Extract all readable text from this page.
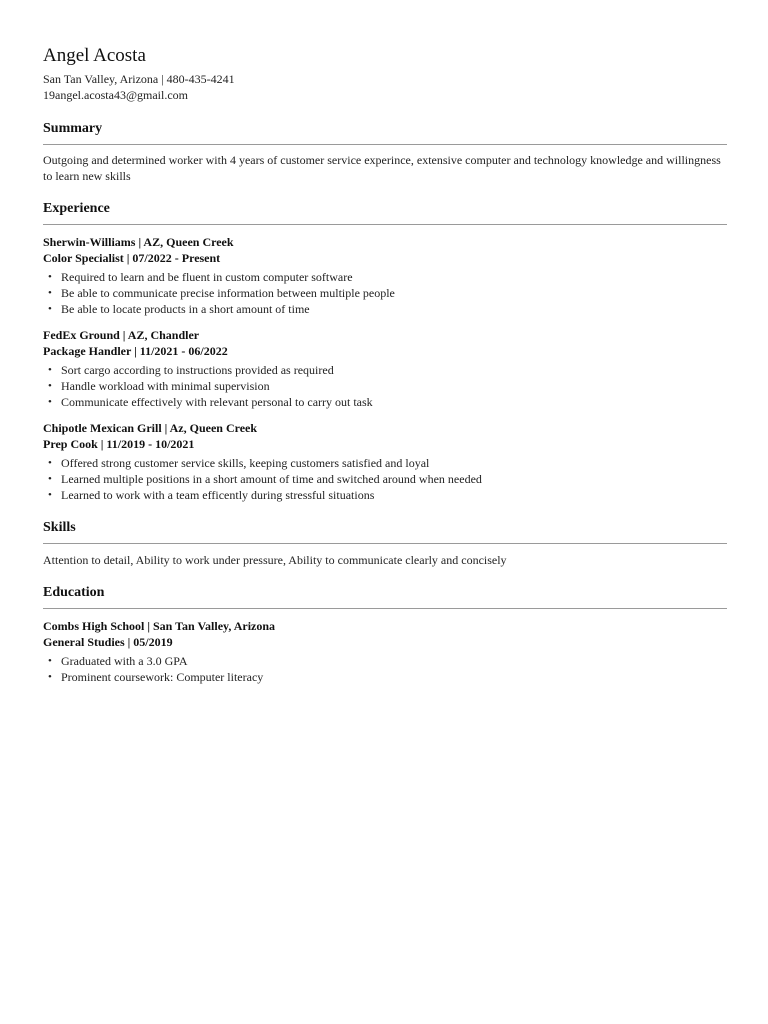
Angel Acosta
San Tan Valley, Arizona | 480-435-4241
19angel.acosta43@gmail.com
Summary

Outgoing and determined worker with 4 years of customer service experince, extensive computer and technology knowledge and willingness to learn new skills

Experience
Sherwin-Williams | AZ, Queen Creek
Color Specialist | 07/2022 - Present
• Required to learn and be fluent in custom computer software
• Be able to communicate precise information between multiple people
• Be able to locate products in a short amount of time
FedEx Ground | AZ, Chandler
Package Handler | 11/2021 - 06/2022
• Sort cargo according to instructions provided as required
• Handle workload with minimal supervision
• Communicate effectively with relevant personal to carry out task
Chipotle Mexican Grill | Az, Queen Creek
Prep Cook | 11/2019 - 10/2021
• Offered strong customer service skills, keeping customers satisfied and loyal
• Learned multiple positions in a short amount of time and switched around when needed
• Learned to work with a team efficently during stressful situations
Skills

Attention to detail, Ability to work under pressure, Ability to communicate clearly and concisely

Education
Combs High School | San Tan Valley, Arizona
General Studies | 05/2019
• Graduated with a 3.0 GPA
• Prominent coursework: Computer literacy
